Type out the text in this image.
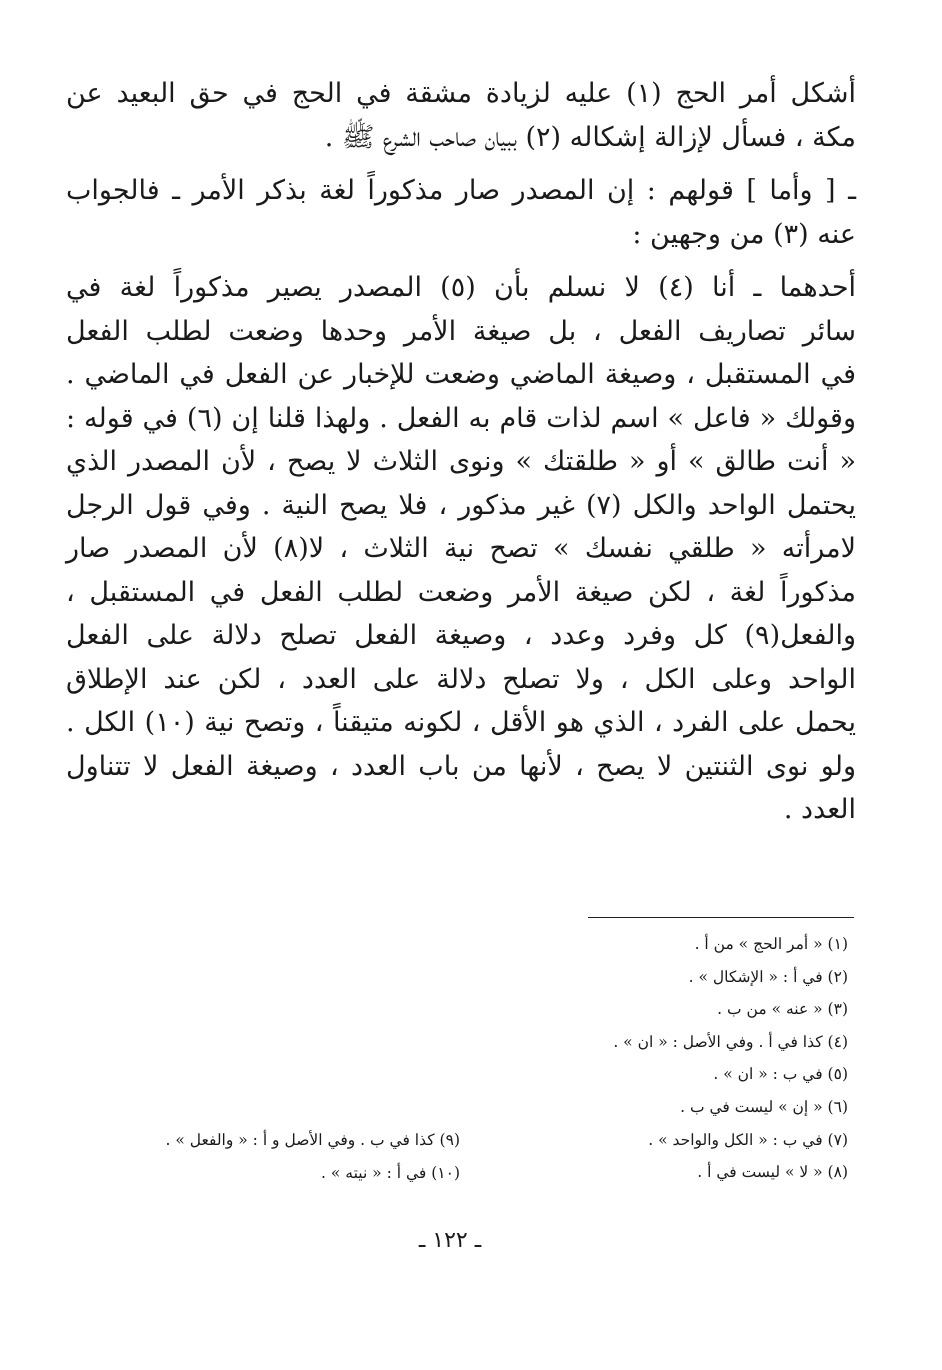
أشكل أمر الحج (١) عليه لزيادة مشقة في الحج في حق البعيد عن
مكة ، فسأل لإزالة إشكاله (٢) ببيان صاحب الشرع ﷺ .
ـ [ وأما ] قولهم : إن المصدر صار مذكوراً لغة بذكر الأمر ـ فالجواب
عنه (٣) من وجهين :
أحدهما ـ أنا (٤) لا نسلم بأن (٥) المصدر يصير مذكوراً لغة في
سائر تصاريف الفعل ، بل صيغة الأمر وحدها وضعت لطلب الفعل
في المستقبل ، وصيغة الماضي وضعت للإخبار عن الفعل في الماضي .
وقولك « فاعل » اسم لذات قام به الفعل . ولهذا قلنا إن (٦) في قوله :
« أنت طالق » أو « طلقتك » ونوى الثلاث لا يصح ، لأن المصدر الذي
يحتمل الواحد والكل (٧) غير مذكور ، فلا يصح النية . وفي قول الرجل
لامرأته « طلقي نفسك » تصح نية الثلاث ، لا(٨) لأن المصدر صار
مذكوراً لغة ، لكن صيغة الأمر وضعت لطلب الفعل في المستقبل ،
والفعل(٩) كل وفرد وعدد ، وصيغة الفعل تصلح دلالة على الفعل
الواحد وعلى الكل ، ولا تصلح دلالة على العدد ، لكن عند الإطلاق
يحمل على الفرد ، الذي هو الأقل ، لكونه متيقناً ، وتصح نية (١٠) الكل .
ولو نوى الثنتين لا يصح ، لأنها من باب العدد ، وصيغة الفعل لا تتناول
العدد .
(١) « أمر الحج » من أ .
(٢) في أ : « الإشكال » .
(٣) « عنه » من ب .
(٤) كذا في أ . وفي الأصل : « ان » .
(٥) في ب : « ان » .
(٦) « إن » ليست في ب .
(٧) في ب : « الكل والواحد » .
(٨) « لا » ليست في أ .
(٩) كذا في ب . وفي الأصل و أ : « والفعل » .
(١٠) في أ : « نيته » .
ـ ١٢٢ ـ
